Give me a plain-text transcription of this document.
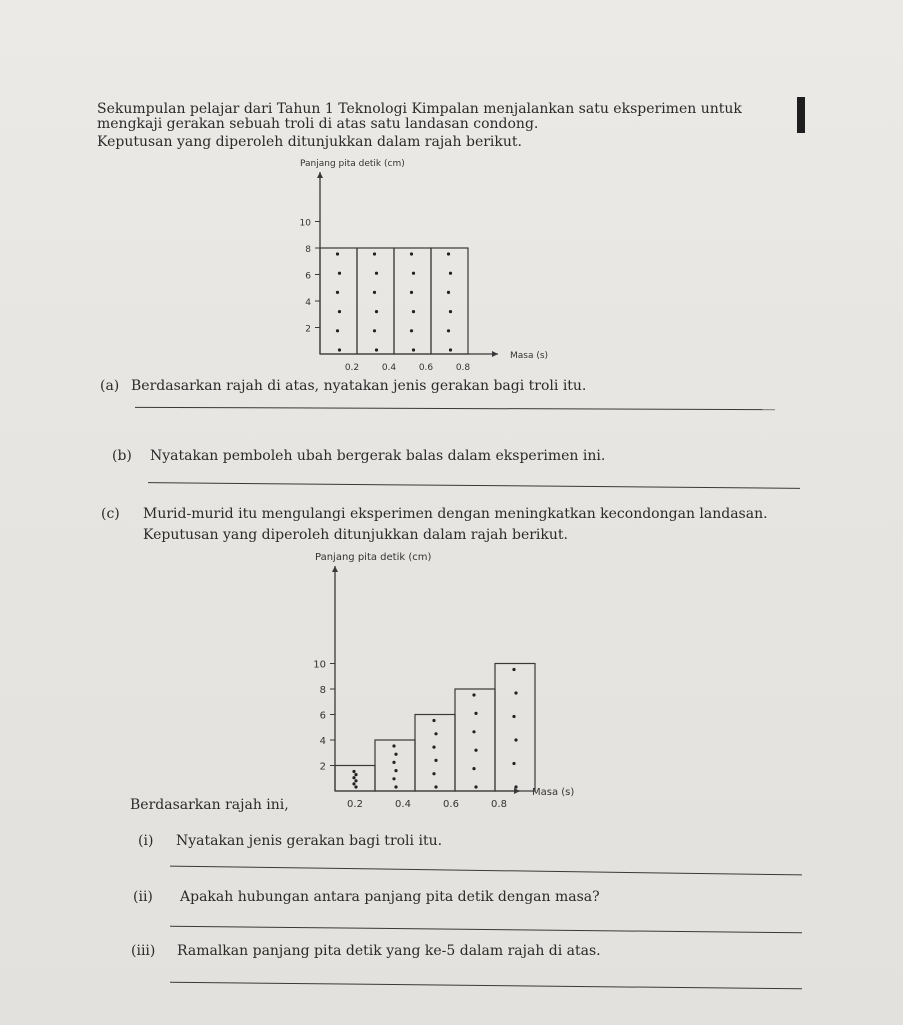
Sekumpulan pelajar dari Tahun 1 Teknologi Kimpalan menjalankan satu eksperimen untuk
mengkaji gerakan sebuah troli di atas satu landasan condong.
Keputusan yang diperoleh ditunjukkan dalam rajah berikut.
Panjang pita detik (cm)
Masa (s)
2
4
6
8
10
0.2	0.4	0.6	0.8
(a) Berdasarkan rajah di atas, nyatakan jenis gerakan bagi troli itu.
(b) Nyatakan pemboleh ubah bergerak balas dalam eksperimen ini.
(c) Murid-murid itu mengulangi eksperimen dengan meningkatkan kecondongan landasan.
Keputusan yang diperoleh ditunjukkan dalam rajah berikut.
Panjang pita detik (cm)
Masa (s)
2
4
6
8
10
0.2	0.4	0.6	0.8
Berdasarkan rajah ini,
(i) Nyatakan jenis gerakan bagi troli itu.
(ii) Apakah hubungan antara panjang pita detik dengan masa?
(iii) Ramalkan panjang pita detik yang ke-5 dalam rajah di atas.
